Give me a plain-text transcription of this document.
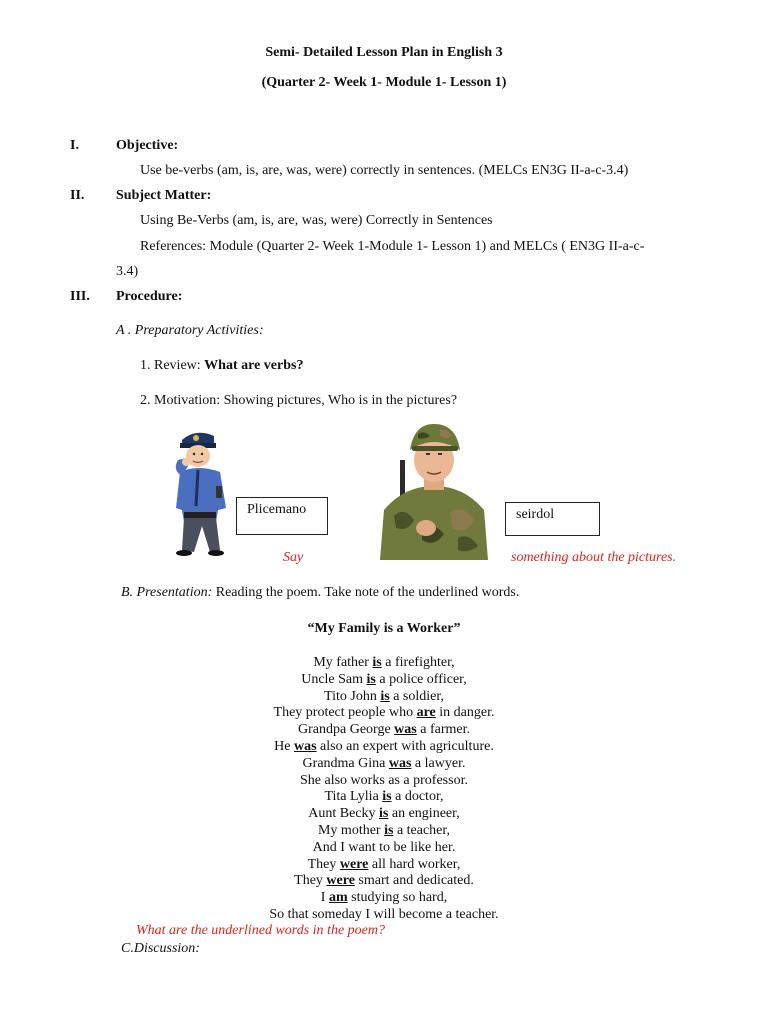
Semi- Detailed Lesson Plan in English 3
(Quarter 2- Week 1- Module 1- Lesson 1)
I.	Objective:
Use be-verbs (am, is, are, was, were) correctly in sentences. (MELCs EN3G II-a-c-3.4)
II. Subject Matter:
Using Be-Verbs (am, is, are, was, were) Correctly in Sentences
References: Module (Quarter 2- Week 1-Module 1- Lesson 1) and MELCs ( EN3G II-a-c-
3.4)
III. Procedure:
A . Preparatory Activities:
1. Review: What are verbs?
2. Motivation: Showing pictures, Who is in the pictures?
Plicemano	seirdol
Say	something about the pictures.
B. Presentation: Reading the poem. Take note of the underlined words.
“My Family is a Worker”
My father is a firefighter,
Uncle Sam is a police officer,
Tito John is a soldier,
They protect people who are in danger.
Grandpa George was a farmer.
He was also an expert with agriculture.
Grandma Gina was a lawyer.
She also works as a professor.
Tita Lylia is a doctor,
Aunt Becky is an engineer,
My mother is a teacher,
And I want to be like her.
They were all hard worker,
They were smart and dedicated.
I am studying so hard,
So that someday I will become a teacher.
What are the underlined words in the poem?
C.Discussion:
